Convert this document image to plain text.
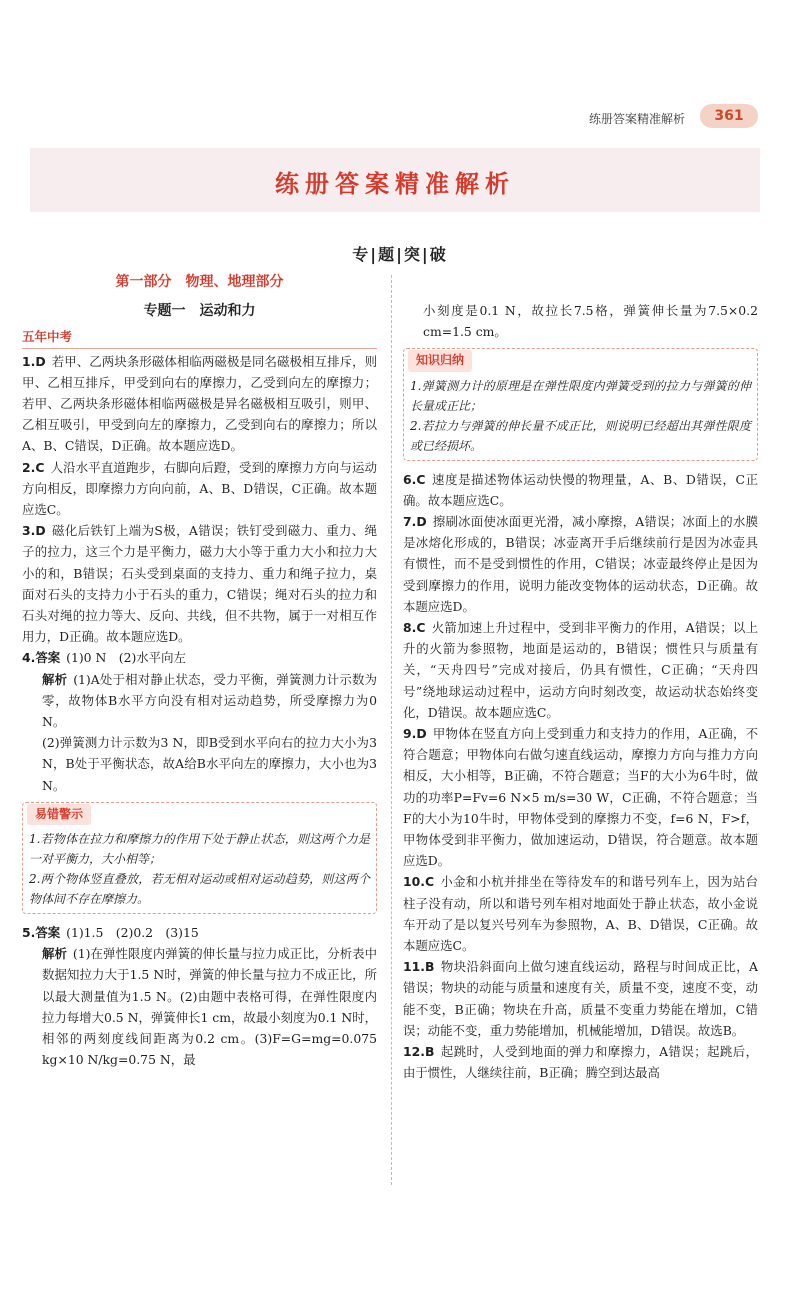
练册答案精准解析	361
练册答案精准解析
专|题|突|破
第一部分　物理、地理部分
专题一　运动和力
五年中考

1.D 若甲、乙两块条形磁体相临两磁极是同名磁极相互排斥，则甲、乙相互排斥，甲受到向右的摩擦力，乙受到向左的摩擦力；若甲、乙两块条形磁体相临两磁极是异名磁极相互吸引，则甲、乙相互吸引，甲受到向左的摩擦力，乙受到向右的摩擦力；所以A、B、C错误，D正确。故本题应选D。

2.C 人沿水平直道跑步，右脚向后蹬，受到的摩擦力方向与运动方向相反，即摩擦力方向向前，A、B、D错误，C正确。故本题应选C。

3.D 磁化后铁钉上端为S极，A错误；铁钉受到磁力、重力、绳子的拉力，这三个力是平衡力，磁力大小等于重力大小和拉力大小的和，B错误；石头受到桌面的支持力、重力和绳子拉力，桌面对石头的支持力小于石头的重力，C错误；绳对石头的拉力和石头对绳的拉力等大、反向、共线，但不共物，属于一对相互作用力，D正确。故本题应选D。

4.答案 (1)0 N　(2)水平向左

解析 (1)A处于相对静止状态，受力平衡，弹簧测力计示数为零，故物体B水平方向没有相对运动趋势，所受摩擦力为0 N。

(2)弹簧测力计示数为3 N，即B受到水平向右的拉力大小为3 N，B处于平衡状态，故A给B水平向左的摩擦力，大小也为3 N。

易错警示
1.若物体在拉力和摩擦力的作用下处于静止状态，则这两个力是一对平衡力，大小相等；
2.两个物体竖直叠放，若无相对运动或相对运动趋势，则这两个物体间不存在摩擦力。

5.答案 (1)1.5　(2)0.2　(3)15

解析 (1)在弹性限度内弹簧的伸长量与拉力成正比，分析表中数据知拉力大于1.5 N时，弹簧的伸长量与拉力不成正比，所以最大测量值为1.5 N。(2)由题中表格可得，在弹性限度内拉力每增大0.5 N，弹簧伸长1 cm，故最小刻度为0.1 N时，相邻的两刻度线间距离为0.2 cm。(3)F=G=mg=0.075 kg×10 N/kg=0.75 N，最

小刻度是0.1 N，故拉长7.5格，弹簧伸长量为7.5×0.2 cm=1.5 cm。

知识归纳
1.弹簧测力计的原理是在弹性限度内弹簧受到的拉力与弹簧的伸长量成正比；
2.若拉力与弹簧的伸长量不成正比，则说明已经超出其弹性限度或已经损坏。

6.C 速度是描述物体运动快慢的物理量，A、B、D错误，C正确。故本题应选C。

7.D 擦刷冰面使冰面更光滑，减小摩擦，A错误；冰面上的水膜是冰熔化形成的，B错误；冰壶离开手后继续前行是因为冰壶具有惯性，而不是受到惯性的作用，C错误；冰壶最终停止是因为受到摩擦力的作用，说明力能改变物体的运动状态，D正确。故本题应选D。

8.C 火箭加速上升过程中，受到非平衡力的作用，A错误；以上升的火箭为参照物，地面是运动的，B错误；惯性只与质量有关，“天舟四号”完成对接后，仍具有惯性，C正确；“天舟四号”绕地球运动过程中，运动方向时刻改变，故运动状态始终变化，D错误。故本题应选C。

9.D 甲物体在竖直方向上受到重力和支持力的作用，A正确，不符合题意；甲物体向右做匀速直线运动，摩擦力方向与推力方向相反，大小相等，B正确，不符合题意；当F的大小为6牛时，做功的功率P=Fv=6 N×5 m/s=30 W，C正确，不符合题意；当F的大小为10牛时，甲物体受到的摩擦力不变，f=6 N，F>f，甲物体受到非平衡力，做加速运动，D错误，符合题意。故本题应选D。

10.C 小金和小杭并排坐在等待发车的和谐号列车上，因为站台柱子没有动，所以和谐号列车相对地面处于静止状态，故小金说车开动了是以复兴号列车为参照物，A、B、D错误，C正确。故本题应选C。

11.B 物块沿斜面向上做匀速直线运动，路程与时间成正比，A错误；物块的动能与质量和速度有关，质量不变，速度不变，动能不变，B正确；物块在升高，质量不变重力势能在增加，C错误；动能不变，重力势能增加，机械能增加，D错误。故选B。

12.B 起跳时，人受到地面的弹力和摩擦力，A错误；起跳后，由于惯性，人继续往前，B正确；腾空到达最高
